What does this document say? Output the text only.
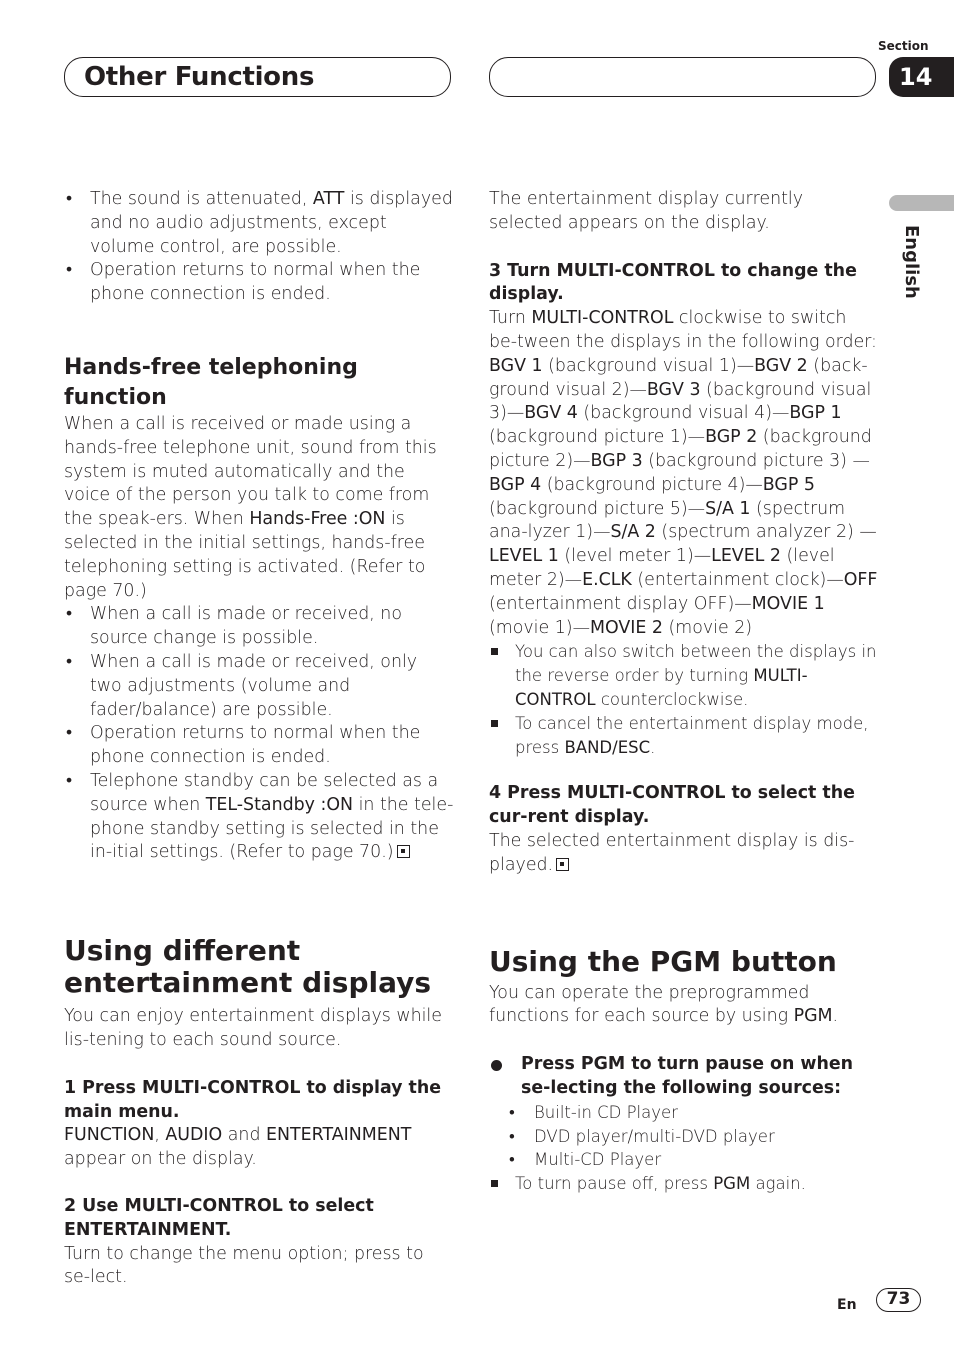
Other Functions
Section
14
English

• The sound is attenuated, ATT is displayed and no audio adjustments, except volume control, are possible.

• Operation returns to normal when the phone connection is ended.

Hands-free telephoning function

When a call is received or made using a hands-free telephone unit, sound from this system is muted automatically and the voice of the person you talk to come from the speak-ers. When Hands-Free :ON is selected in the initial settings, hands-free telephoning setting is activated. (Refer to page 70.)

• When a call is made or received, no source change is possible.

• When a call is made or received, only two adjustments (volume and fader/balance) are possible.

• Operation returns to normal when the phone connection is ended.

• Telephone standby can be selected as a source when TEL-Standby :ON in the tele-phone standby setting is selected in the in-itial settings. (Refer to page 70.)

Using different entertainment displays

You can enjoy entertainment displays while lis-tening to each sound source.

1 Press MULTI-CONTROL to display the main menu.

FUNCTION, AUDIO and ENTERTAINMENT appear on the display.

2 Use MULTI-CONTROL to select ENTERTAINMENT.

Turn to change the menu option; press to se-lect.

The entertainment display currently selected appears on the display.

3 Turn MULTI-CONTROL to change the display.

Turn MULTI-CONTROL clockwise to switch be-tween the displays in the following order: BGV 1 (background visual 1)—BGV 2 (back-ground visual 2)—BGV 3 (background visual 3)—BGV 4 (background visual 4)—BGP 1 (background picture 1)—BGP 2 (background picture 2)—BGP 3 (background picture 3) —BGP 4 (background picture 4)—BGP 5 (background picture 5)—S/A 1 (spectrum ana-lyzer 1)—S/A 2 (spectrum analyzer 2) —LEVEL 1 (level meter 1)—LEVEL 2 (level meter 2)—E.CLK (entertainment clock)—OFF (entertainment display OFF)—MOVIE 1 (movie 1)—MOVIE 2 (movie 2)

You can also switch between the displays in the reverse order by turning MULTI-CONTROL counterclockwise.

To cancel the entertainment display mode, press BAND/ESC.

4 Press MULTI-CONTROL to select the cur-rent display.

The selected entertainment display is dis-played.

Using the PGM button

You can operate the preprogrammed functions for each source by using PGM.

Press PGM to turn pause on when se-lecting the following sources:

• Built-in CD Player

• DVD player/multi-DVD player

• Multi-CD Player

To turn pause off, press PGM again.

En	73
